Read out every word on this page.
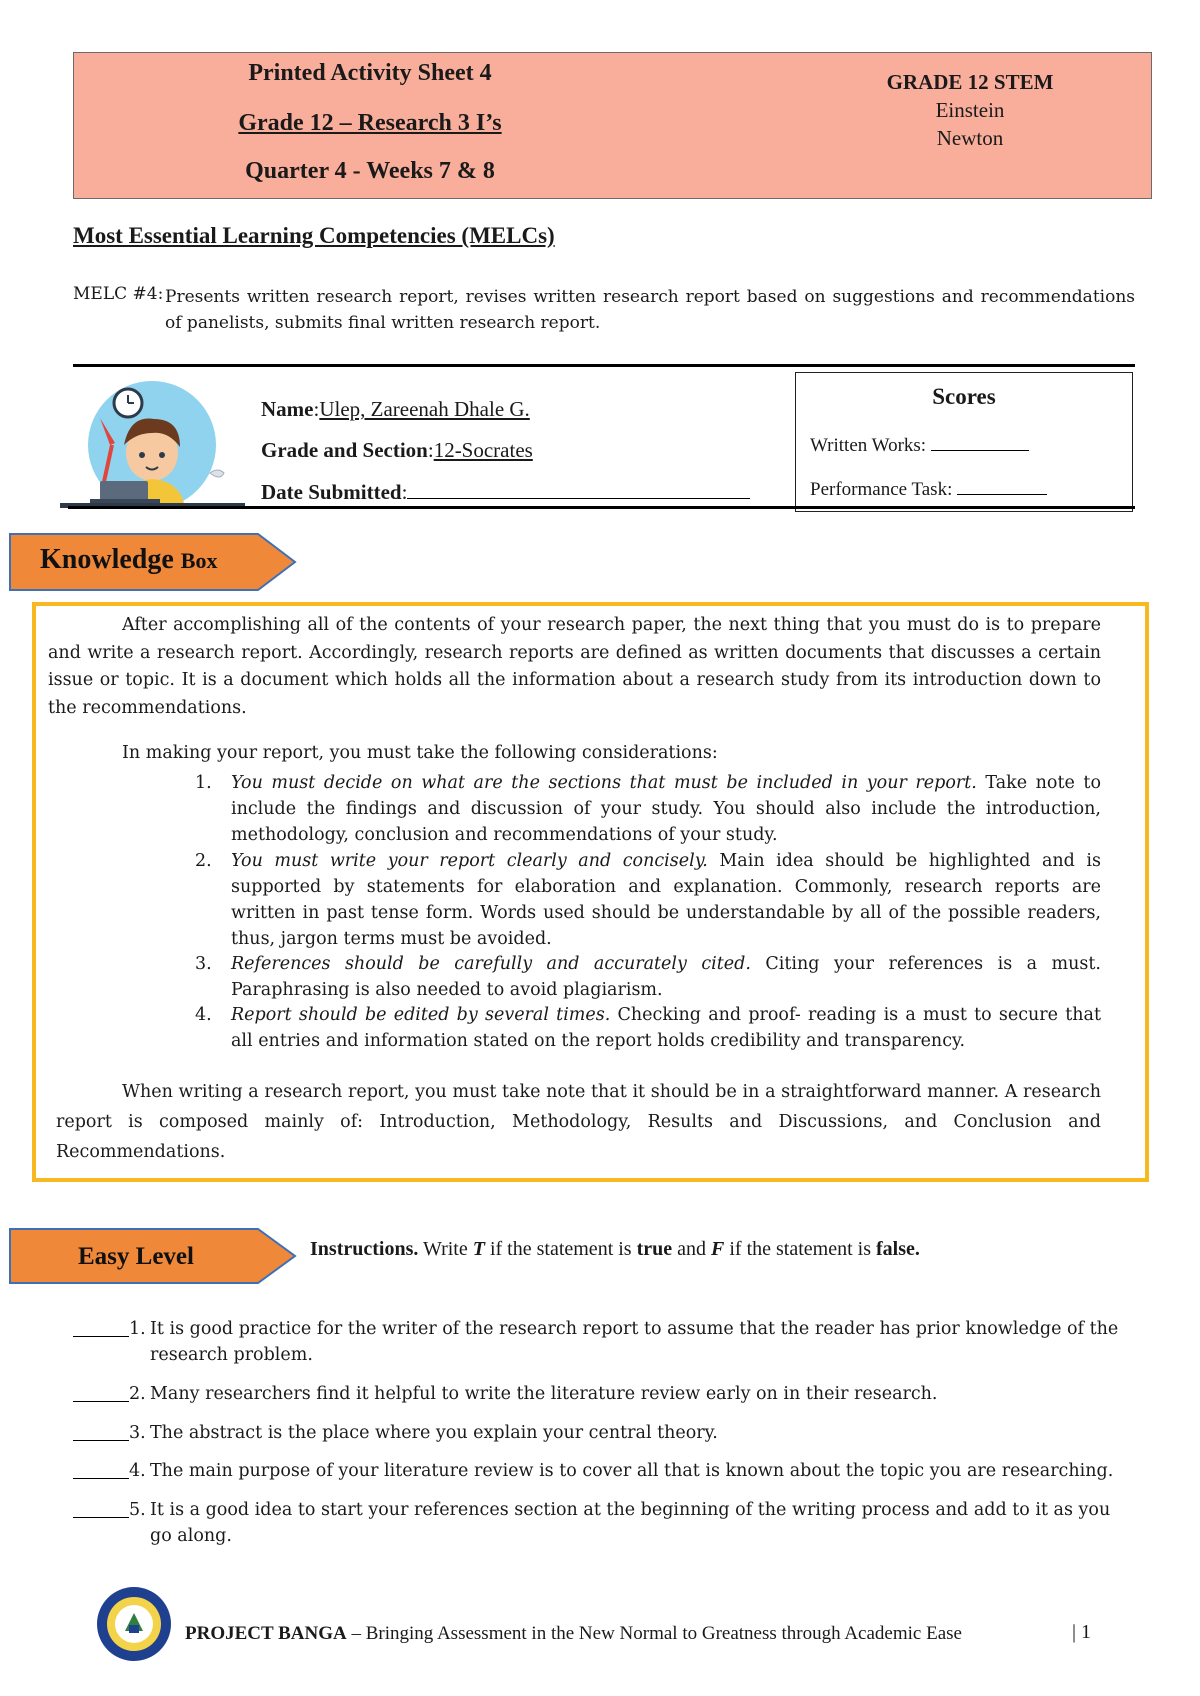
Printed Activity Sheet 4
Grade 12 – Research 3 I’s
Quarter 4 - Weeks 7 & 8
GRADE 12 STEM
Einstein
Newton
Most Essential Learning Competencies (MELCs)
MELC #4: Presents written research report, revises written research report based on suggestions and recommendations of panelists, submits final written research report.
Name:Ulep, Zareenah Dhale G.
Grade and Section:12-Socrates
Date Submitted:
Scores
Written Works:
Performance Task:
Knowledge Box
After accomplishing all of the contents of your research paper, the next thing that you must do is to prepare and write a research report. Accordingly, research reports are defined as written documents that discusses a certain issue or topic. It is a document which holds all the information about a research study from its introduction down to the recommendations.
In making your report, you must take the following considerations:
1. You must decide on what are the sections that must be included in your report. Take note to include the findings and discussion of your study. You should also include the introduction, methodology, conclusion and recommendations of your study.
2. You must write your report clearly and concisely. Main idea should be highlighted and is supported by statements for elaboration and explanation. Commonly, research reports are written in past tense form. Words used should be understandable by all of the possible readers, thus, jargon terms must be avoided.
3. References should be carefully and accurately cited. Citing your references is a must. Paraphrasing is also needed to avoid plagiarism.
4. Report should be edited by several times. Checking and proof- reading is a must to secure that all entries and information stated on the report holds credibility and transparency.
When writing a research report, you must take note that it should be in a straightforward manner. A research report is composed mainly of: Introduction, Methodology, Results and Discussions, and Conclusion and Recommendations.
Easy Level	Instructions. Write T if the statement is true and F if the statement is false.
1. It is good practice for the writer of the research report to assume that the reader has prior knowledge of the research problem.
2. Many researchers find it helpful to write the literature review early on in their research.
3. The abstract is the place where you explain your central theory.
4. The main purpose of your literature review is to cover all that is known about the topic you are researching.
5. It is a good idea to start your references section at the beginning of the writing process and add to it as you go along.
PROJECT BANGA – Bringing Assessment in the New Normal to Greatness through Academic Ease	| 1
